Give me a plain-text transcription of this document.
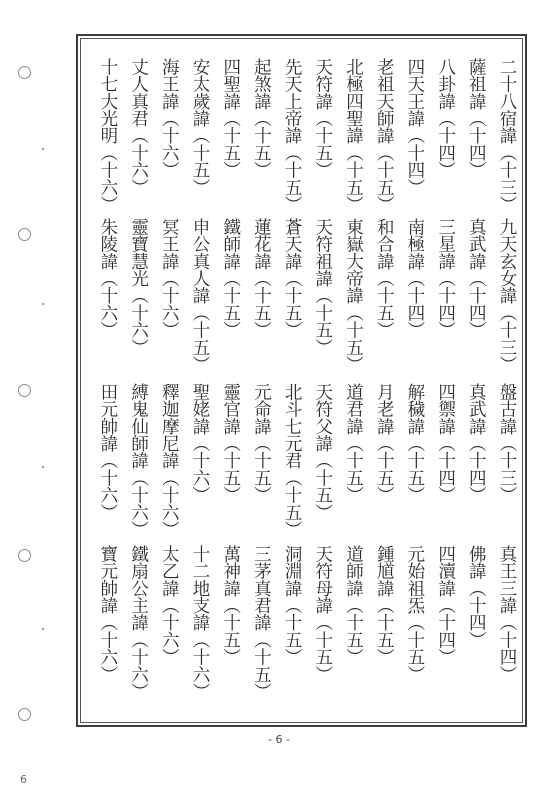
二十八宿諱（十三）
九天玄女諱（十三）
盤古諱（十三）
真王三諱（十四）
薩祖諱（十四）
真武諱（十四）
真武諱（十四）
佛諱（十四）
八卦諱（十四）
三星諱（十四）
四禦諱（十四）
四瀆諱（十四）
四天王諱（十四）
南極諱（十四）
解穢諱（十五）
元始祖炁（十五）
老祖天師諱（十五）
和合諱（十五）
月老諱（十五）
鍾馗諱（十五）
北極四聖諱（十五）
東嶽大帝諱（十五）
道君諱（十五）
道師諱（十五）
天符諱（十五）
天符祖諱（十五）
天符父諱（十五）
天符母諱（十五）
先天上帝諱（十五）
蒼天諱（十五）
北斗七元君（十五）
洞淵諱（十五）
起煞諱（十五）
蓮花諱（十五）
元命諱（十五）
三茅真君諱（十五）
四聖諱（十五）
鐵師諱（十五）
靈官諱（十五）
萬神諱（十五）
安太歲諱（十五）
申公真人諱（十五）
聖姥諱（十六）
十二地支諱（十六）
海王諱（十六）
冥王諱（十六）
釋迦摩尼諱（十六）
太乙諱（十六）
丈人真君（十六）
靈寶慧光（十六）
縛鬼仙師諱（十六）
鐵扇公主諱（十六）
十七大光明（十六）
朱陵諱（十六）
田元帥諱（十六）
寶元帥諱（十六）
- 6 -
6
